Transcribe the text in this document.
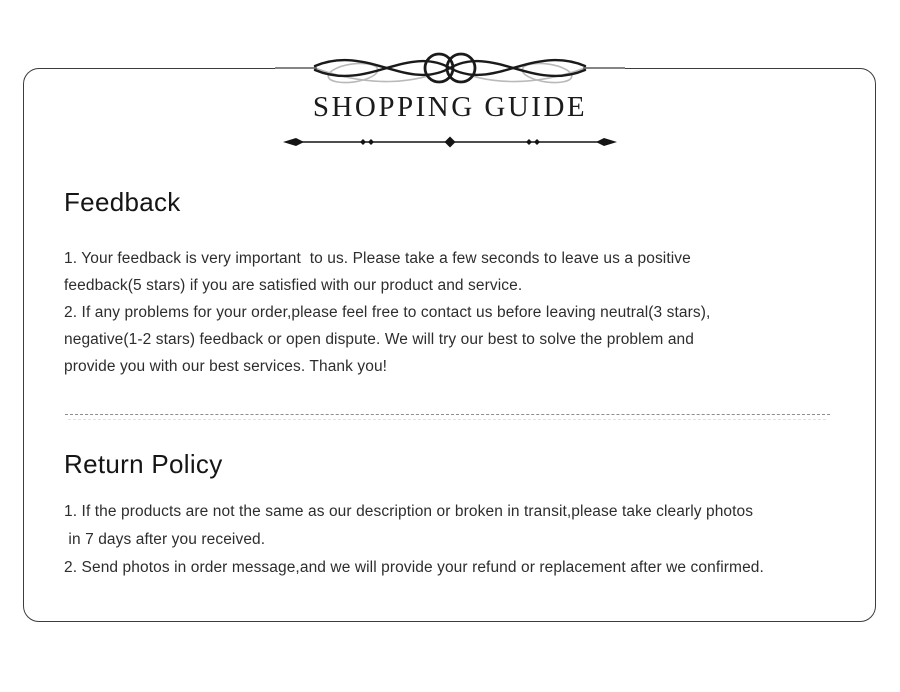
SHOPPING GUIDE
Feedback
1. Your feedback is very important  to us. Please take a few seconds to leave us a positive
feedback(5 stars) if you are satisfied with our product and service.
2. If any problems for your order,please feel free to contact us before leaving neutral(3 stars),
negative(1-2 stars) feedback or open dispute. We will try our best to solve the problem and
provide you with our best services. Thank you!
Return Policy
1. If the products are not the same as our description or broken in transit,please take clearly photos
in 7 days after you received.
2. Send photos in order message,and we will provide your refund or replacement after we confirmed.
